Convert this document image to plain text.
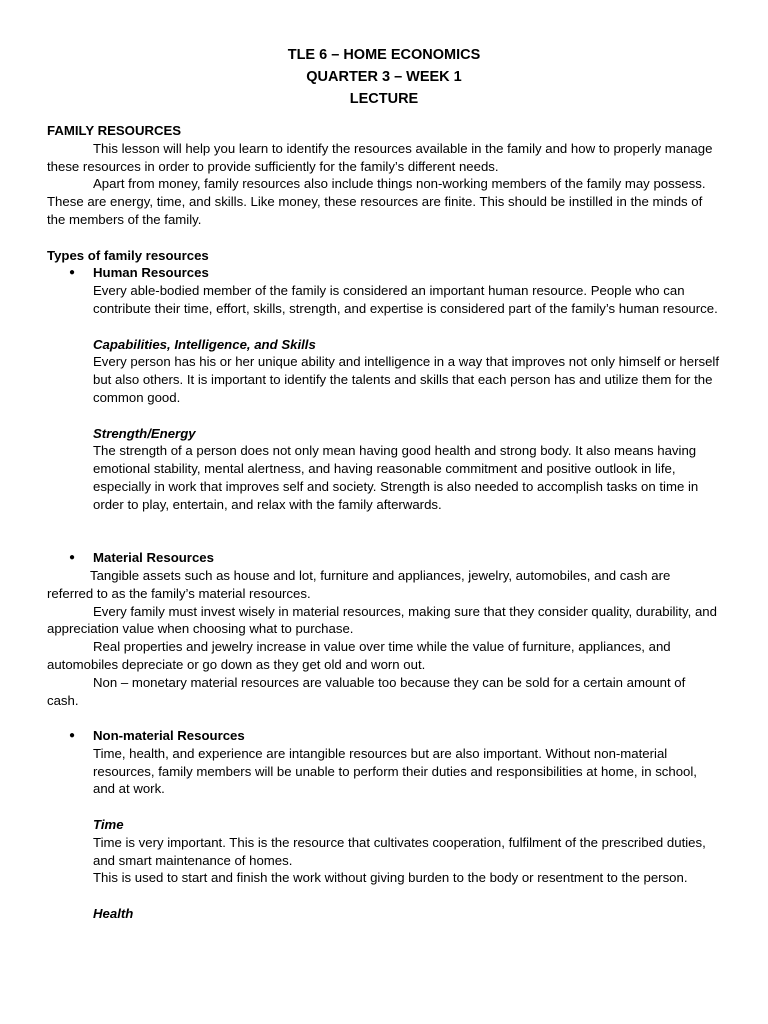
TLE 6 – HOME ECONOMICS
QUARTER 3 – WEEK 1
LECTURE

FAMILY RESOURCES

This lesson will help you learn to identify the resources available in the family and how to properly manage these resources in order to provide sufficiently for the family’s different needs.

Apart from money, family resources also include things non-working members of the family may possess. These are energy, time, and skills. Like money, these resources are finite. This should be instilled in the minds of the members of the family.

Types of family resources

● Human Resources

Every able-bodied member of the family is considered an important human resource. People who can contribute their time, effort, skills, strength, and expertise is considered part of the family’s human resource.

Capabilities, Intelligence, and Skills

Every person has his or her unique ability and intelligence in a way that improves not only himself or herself but also others. It is important to identify the talents and skills that each person has and utilize them for the common good.

Strength/Energy

The strength of a person does not only mean having good health and strong body. It also means having emotional stability, mental alertness, and having reasonable commitment and positive outlook in life, especially in work that improves self and society. Strength is also needed to accomplish tasks on time in order to play, entertain, and relax with the family afterwards.

● Material Resources

Tangible assets such as house and lot, furniture and appliances, jewelry, automobiles, and cash are referred to as the family’s material resources.

Every family must invest wisely in material resources, making sure that they consider quality, durability, and appreciation value when choosing what to purchase.

Real properties and jewelry increase in value over time while the value of furniture, appliances, and automobiles depreciate or go down as they get old and worn out.

Non – monetary material resources are valuable too because they can be sold for a certain amount of cash.

● Non-material Resources

Time, health, and experience are intangible resources but are also important. Without non-material resources, family members will be unable to perform their duties and responsibilities at home, in school, and at work.

Time

Time is very important. This is the resource that cultivates cooperation, fulfilment of the prescribed duties, and smart maintenance of homes.

This is used to start and finish the work without giving burden to the body or resentment to the person.

Health
